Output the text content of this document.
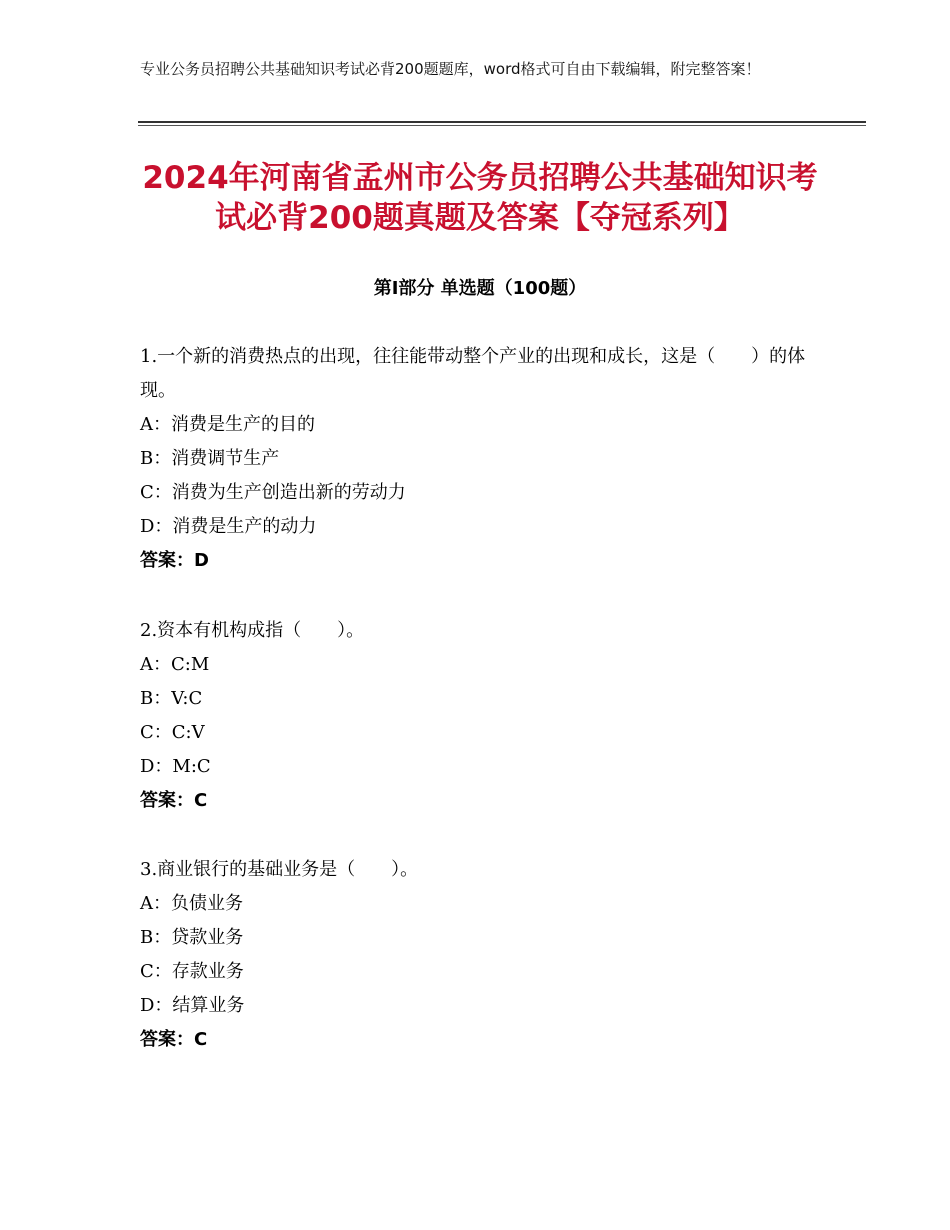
专业公务员招聘公共基础知识考试必背200题题库，word格式可自由下载编辑，附完整答案！
2024年河南省孟州市公务员招聘公共基础知识考试必背200题真题及答案【夺冠系列】
第Ⅰ部分 单选题（100题）

1.一个新的消费热点的出现，往往能带动整个产业的出现和成长，这是（　　）的体现。

A：消费是生产的目的

B：消费调节生产

C：消费为生产创造出新的劳动力

D：消费是生产的动力

答案：D

2.资本有机构成指（　　）。

A：C:M

B：V:C

C：C:V

D：M:C

答案：C

3.商业银行的基础业务是（　　）。

A：负债业务

B：贷款业务

C：存款业务

D：结算业务

答案：C
